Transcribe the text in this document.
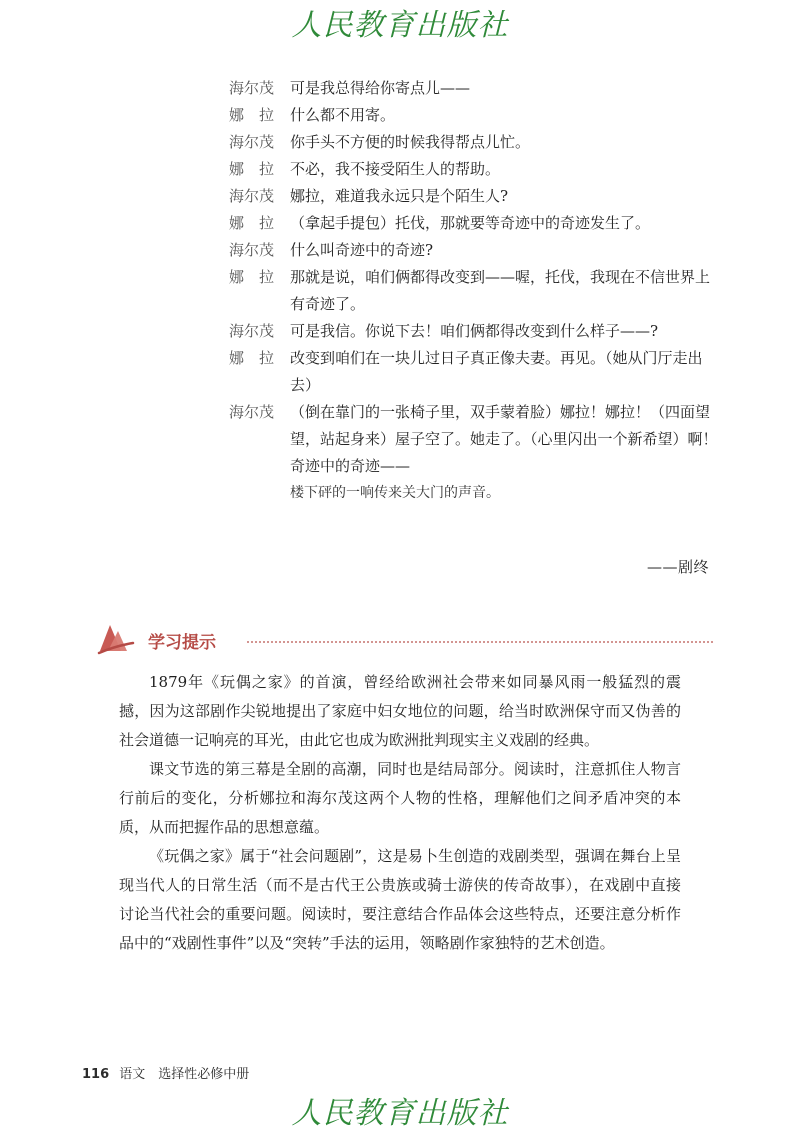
人民教育出版社
海尔茂	可是我总得给你寄点儿——
娜　拉	什么都不用寄。
海尔茂	你手头不方便的时候我得帮点儿忙。
娜　拉	不必，我不接受陌生人的帮助。
海尔茂	娜拉，难道我永远只是个陌生人?
娜　拉	（拿起手提包）托伐，那就要等奇迹中的奇迹发生了。
海尔茂	什么叫奇迹中的奇迹?
娜　拉	那就是说，咱们俩都得改变到——喔，托伐，我现在不信世界上有奇迹了。
海尔茂	可是我信。你说下去！咱们俩都得改变到什么样子——?
娜　拉	改变到咱们在一块儿过日子真正像夫妻。再见。（她从门厅走出去）
海尔茂	（倒在靠门的一张椅子里，双手蒙着脸）娜拉！娜拉！（四面望望，站起身来）屋子空了。她走了。（心里闪出一个新希望）啊！奇迹中的奇迹——
楼下砰的一响传来关大门的声音。
——剧终
学习提示

1879年《玩偶之家》的首演，曾经给欧洲社会带来如同暴风雨一般猛烈的震撼，因为这部剧作尖锐地提出了家庭中妇女地位的问题，给当时欧洲保守而又伪善的社会道德一记响亮的耳光，由此它也成为欧洲批判现实主义戏剧的经典。

课文节选的第三幕是全剧的高潮，同时也是结局部分。阅读时，注意抓住人物言行前后的变化，分析娜拉和海尔茂这两个人物的性格，理解他们之间矛盾冲突的本质，从而把握作品的思想意蕴。

《玩偶之家》属于“社会问题剧”，这是易卜生创造的戏剧类型，强调在舞台上呈现当代人的日常生活（而不是古代王公贵族或骑士游侠的传奇故事），在戏剧中直接讨论当代社会的重要问题。阅读时，要注意结合作品体会这些特点，还要注意分析作品中的“戏剧性事件”以及“突转”手法的运用，领略剧作家独特的艺术创造。

116 语文　选择性必修中册
人民教育出版社
